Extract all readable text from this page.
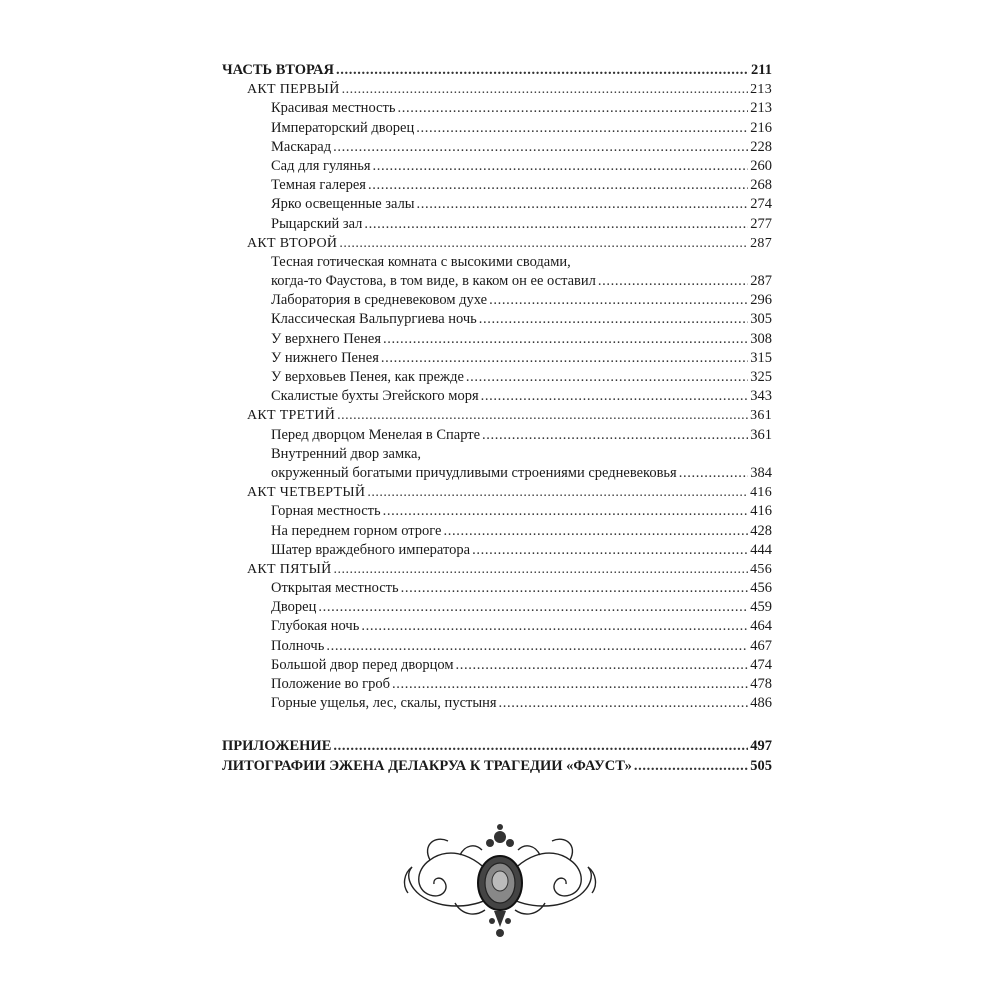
ЧАСТЬ ВТОРАЯ . . .	211
АКТ ПЕРВЫЙ . . .	213
Красивая местность . . .	213
Императорский дворец . . .	216
Маскарад . . .	228
Сад для гулянья . . .	260
Темная галерея . . .	268
Ярко освещенные залы . . .	274
Рыцарский зал . . .	277
АКТ ВТОРОЙ . . .	287
Тесная готическая комната с высокими сводами,
когда-то Фаустова, в том виде, в каком он ее оставил . . .	287
Лаборатория в средневековом духе . . .	296
Классическая Вальпургиева ночь . . .	305
У верхнего Пенея . . .	308
У нижнего Пенея . . .	315
У верховьев Пенея, как прежде . . .	325
Скалистые бухты Эгейского моря . . .	343
АКТ ТРЕТИЙ . . .	361
Перед дворцом Менелая в Спарте . . .	361
Внутренний двор замка,
окруженный богатыми причудливыми строениями средневековья . . .	384
АКТ ЧЕТВЕРТЫЙ . . .	416
Горная местность . . .	416
На переднем горном отроге . . .	428
Шатер враждебного императора . . .	444
АКТ ПЯТЫЙ . . .	456
Открытая местность . . .	456
Дворец . . .	459
Глубокая ночь . . .	464
Полночь . . .	467
Большой двор перед дворцом . . .	474
Положение во гроб . . .	478
Горные ущелья, лес, скалы, пустыня . . .	486
ПРИЛОЖЕНИЕ . . .	497
ЛИТОГРАФИИ ЭЖЕНА ДЕЛАКРУА К ТРАГЕДИИ «ФАУСТ» . . .	505
